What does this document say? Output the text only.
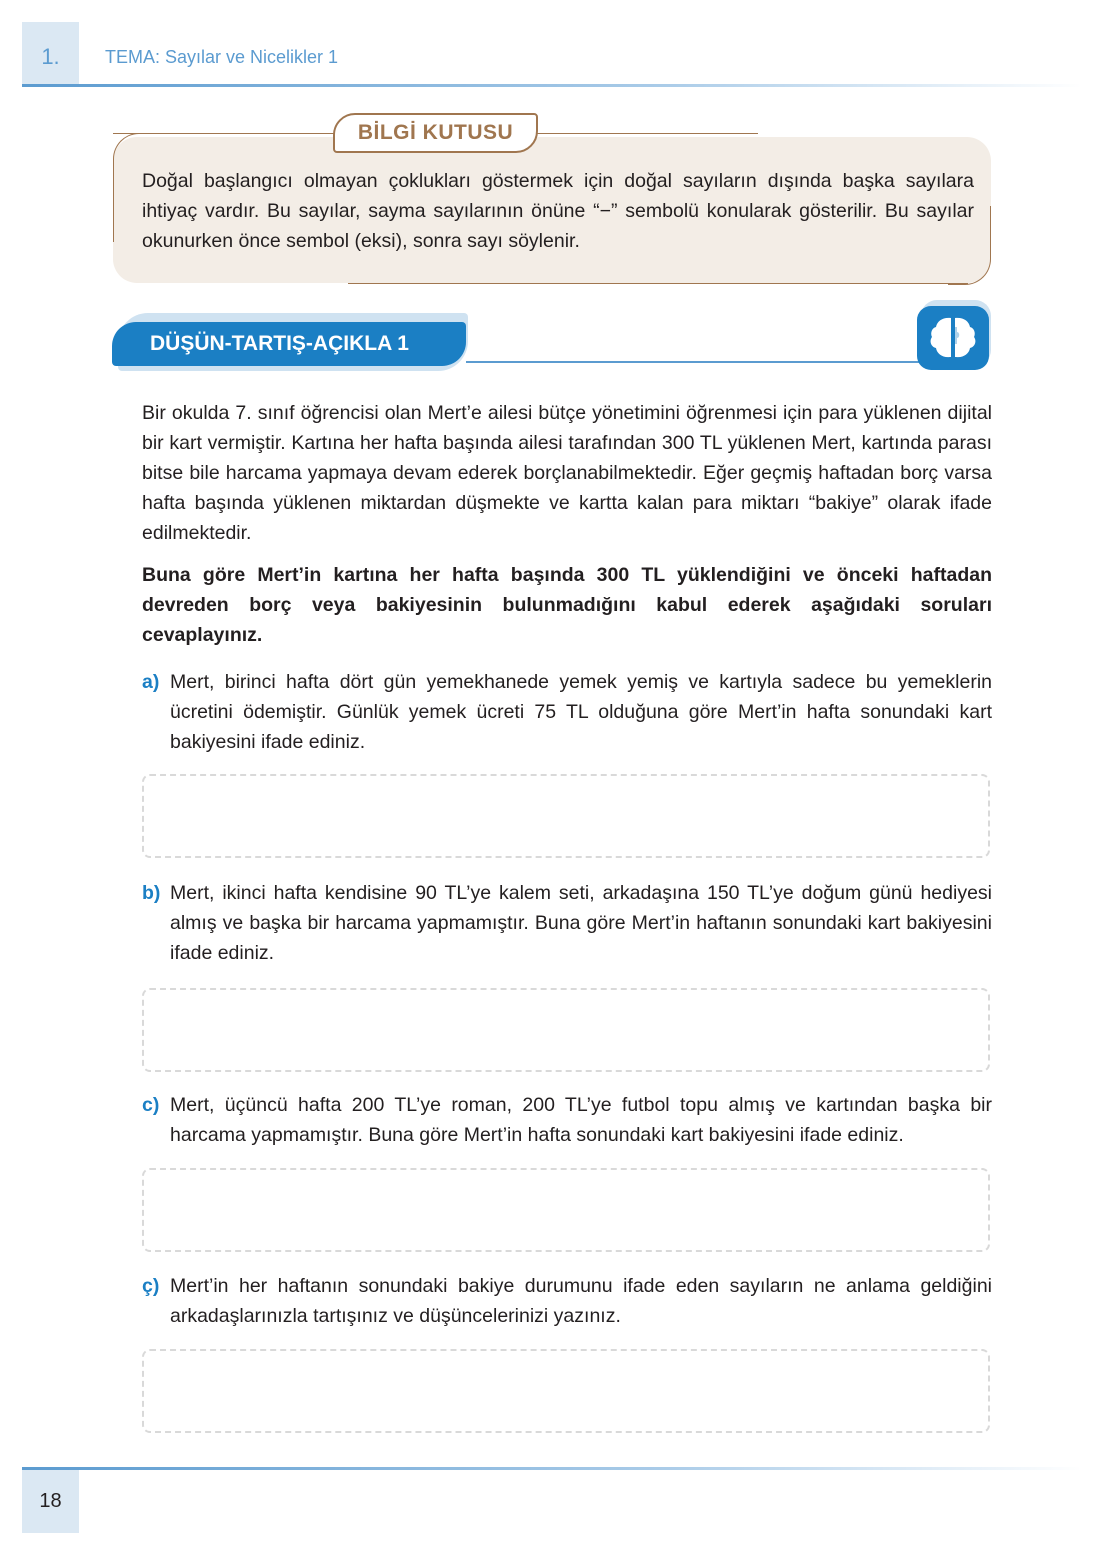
1.	TEMA: Sayılar ve Nicelikler 1
BİLGİ KUTUSU
Doğal başlangıcı olmayan çoklukları göstermek için doğal sayıların dışında başka sayılara ihtiyaç vardır. Bu sayılar, sayma sayılarının önüne “−” sembolü konularak gösterilir. Bu sayılar okunurken önce sembol (eksi), sonra sayı söylenir.
DÜŞÜN-TARTIŞ-AÇIKLA 1

Bir okulda 7. sınıf öğrencisi olan Mert’e ailesi bütçe yönetimini öğrenmesi için para yüklenen dijital bir kart vermiştir. Kartına her hafta başında ailesi tarafından 300 TL yüklenen Mert, kartında parası bitse bile harcama yapmaya devam ederek borçlanabilmektedir. Eğer geçmiş haftadan borç varsa hafta başında yüklenen miktardan düşmekte ve kartta kalan para miktarı “bakiye” olarak ifade edilmektedir.

Buna göre Mert’in kartına her hafta başında 300 TL yüklendiğini ve önceki haftadan devreden borç veya bakiyesinin bulunmadığını kabul ederek aşağıdaki soruları cevaplayınız.

a) Mert, birinci hafta dört gün yemekhanede yemek yemiş ve kartıyla sadece bu yemeklerin ücretini ödemiştir. Günlük yemek ücreti 75 TL olduğuna göre Mert’in hafta sonundaki kart bakiyesini ifade ediniz.

b) Mert, ikinci hafta kendisine 90 TL’ye kalem seti, arkadaşına 150 TL’ye doğum günü hediyesi almış ve başka bir harcama yapmamıştır. Buna göre Mert’in haftanın sonundaki kart bakiyesini ifade ediniz.

c) Mert, üçüncü hafta 200 TL’ye roman, 200 TL’ye futbol topu almış ve kartından başka bir harcama yapmamıştır. Buna göre Mert’in hafta sonundaki kart bakiyesini ifade ediniz.

ç) Mert’in her haftanın sonundaki bakiye durumunu ifade eden sayıların ne anlama geldiğini arkadaşlarınızla tartışınız ve düşüncelerinizi yazınız.

18
